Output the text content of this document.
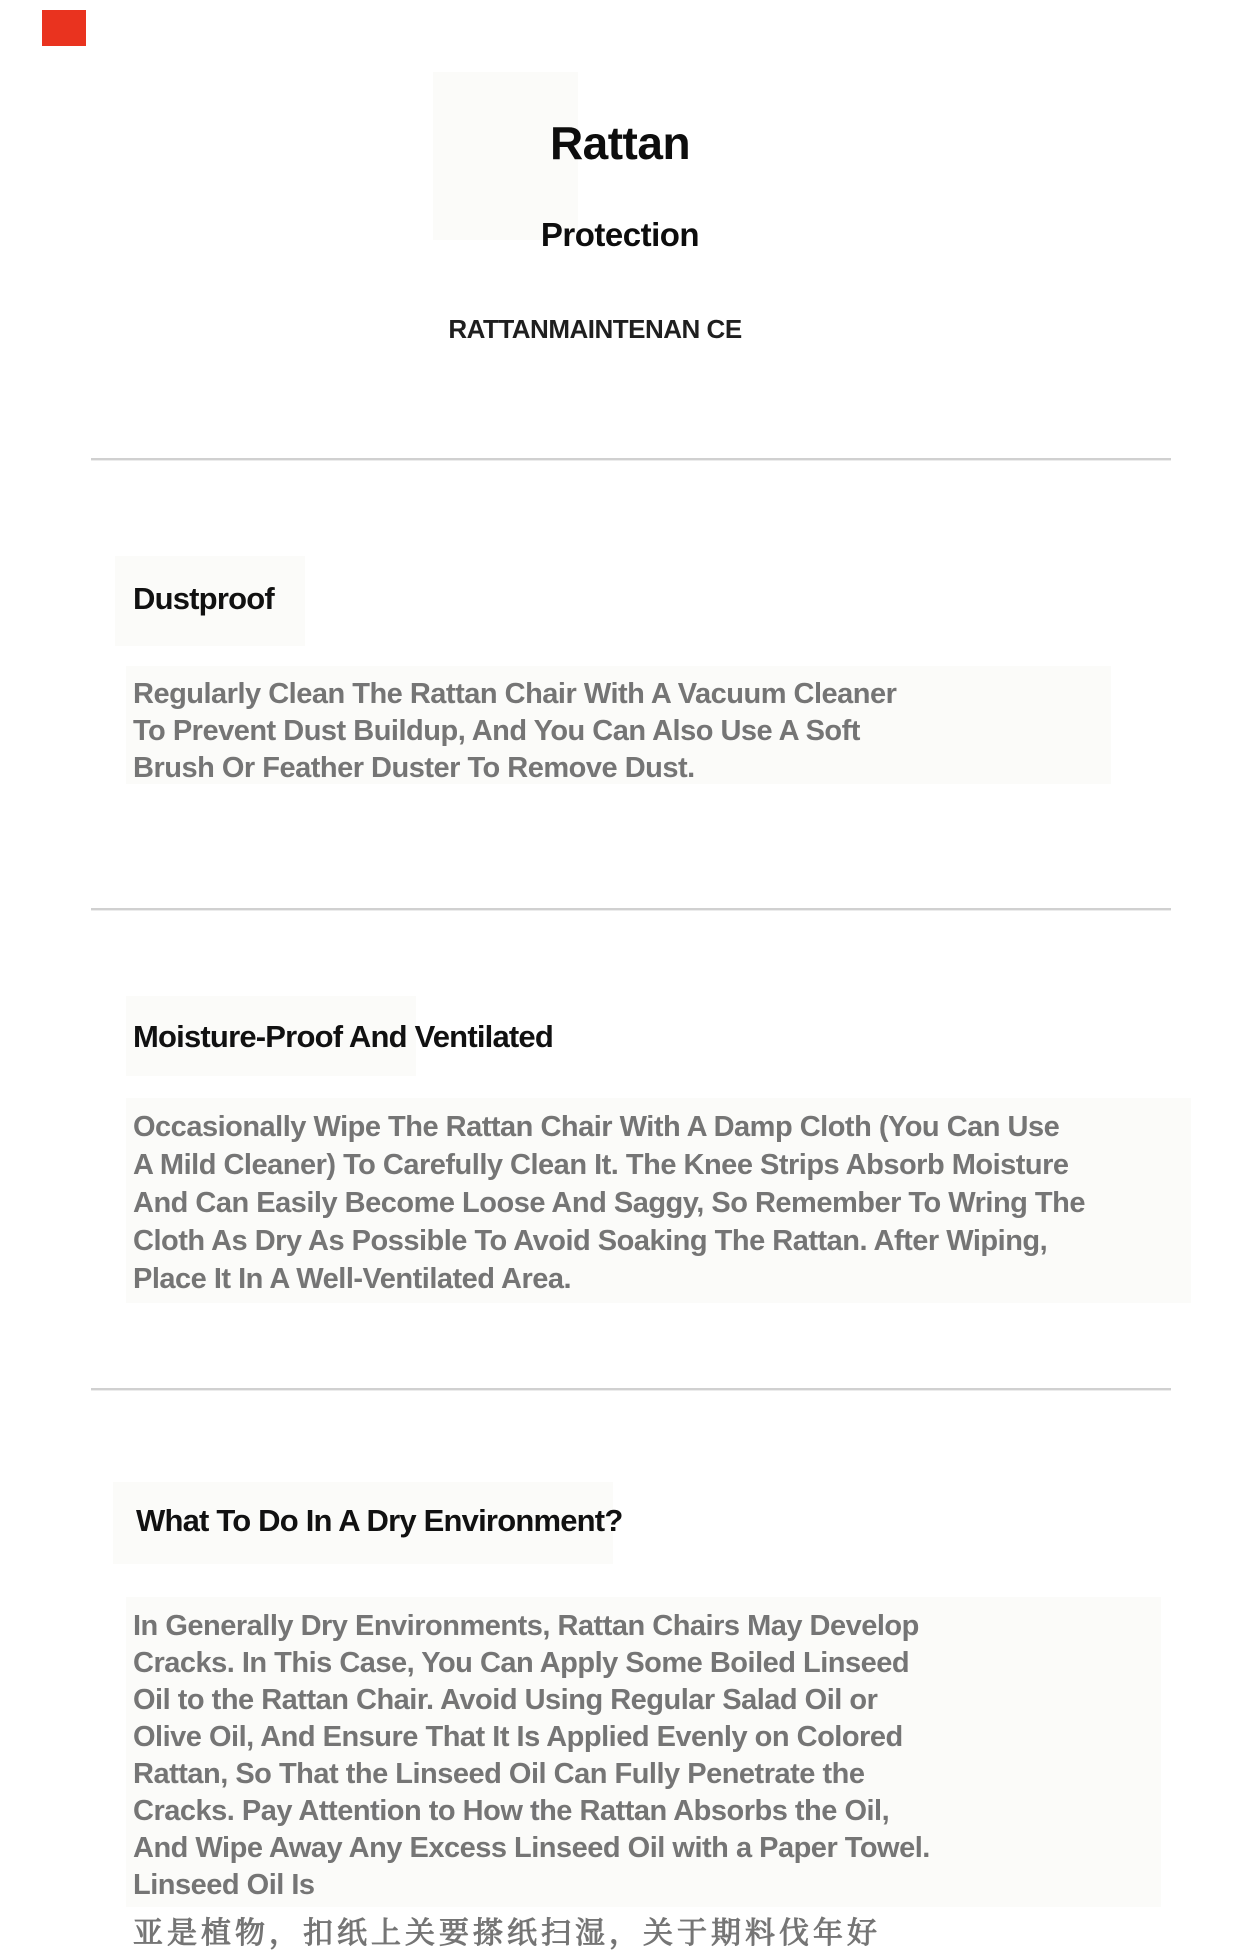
Rattan
Protection
RATTANMAINTENAN CE
Dustproof
Regularly Clean The Rattan Chair With A Vacuum Cleaner
To Prevent Dust Buildup, And You Can Also Use A Soft
Brush Or Feather Duster To Remove Dust.
Moisture-Proof And Ventilated
Occasionally Wipe The Rattan Chair With A Damp Cloth (You Can Use
A Mild Cleaner) To Carefully Clean It. The Knee Strips Absorb Moisture
And Can Easily Become Loose And Saggy, So Remember To Wring The
Cloth As Dry As Possible To Avoid Soaking The Rattan. After Wiping,
Place It In A Well-Ventilated Area.
What To Do In A Dry Environment?
In Generally Dry Environments, Rattan Chairs May Develop
Cracks. In This Case, You Can Apply Some Boiled Linseed
Oil to the Rattan Chair. Avoid Using Regular Salad Oil or
Olive Oil, And Ensure That It Is Applied Evenly on Colored
Rattan, So That the Linseed Oil Can Fully Penetrate the
Cracks. Pay Attention to How the Rattan Absorbs the Oil,
And Wipe Away Any Excess Linseed Oil with a Paper Towel.
Linseed Oil Is
亚是植物，扣纸上关要搽纸扫湿，关于期料伐年好
